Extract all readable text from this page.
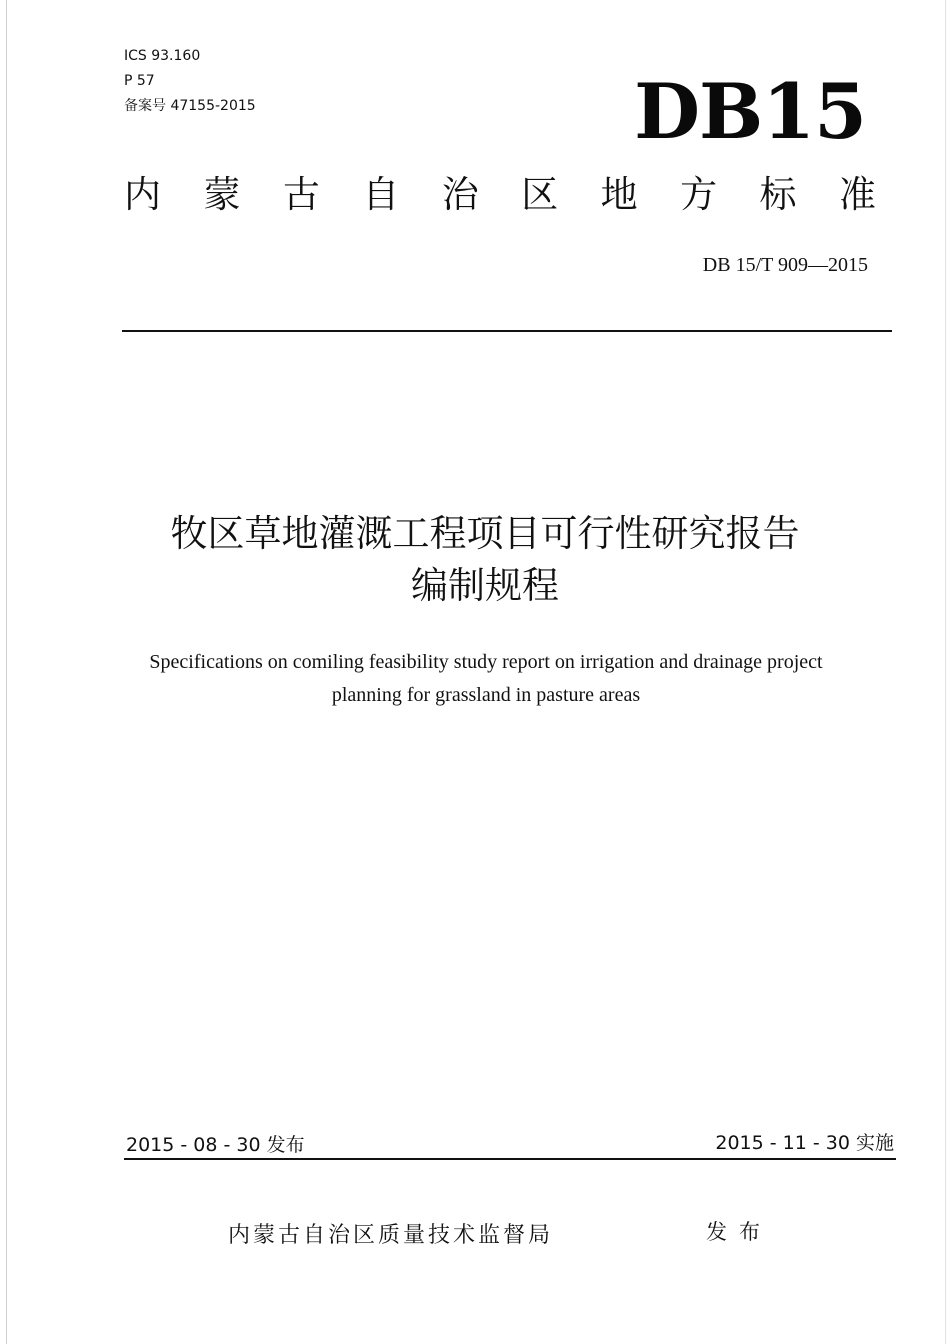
ICS 93.160
P 57
备案号 47155-2015	DB15
内 蒙 古 自 治 区 地 方 标 准
DB 15/T 909—2015
牧区草地灌溉工程项目可行性研究报告
编制规程
Specifications on comiling feasibility study report on irrigation and drainage project
planning for grassland in pasture areas
2015 - 08 - 30 发布	2015 - 11 - 30 实施
内蒙古自治区质量技术监督局	发布
